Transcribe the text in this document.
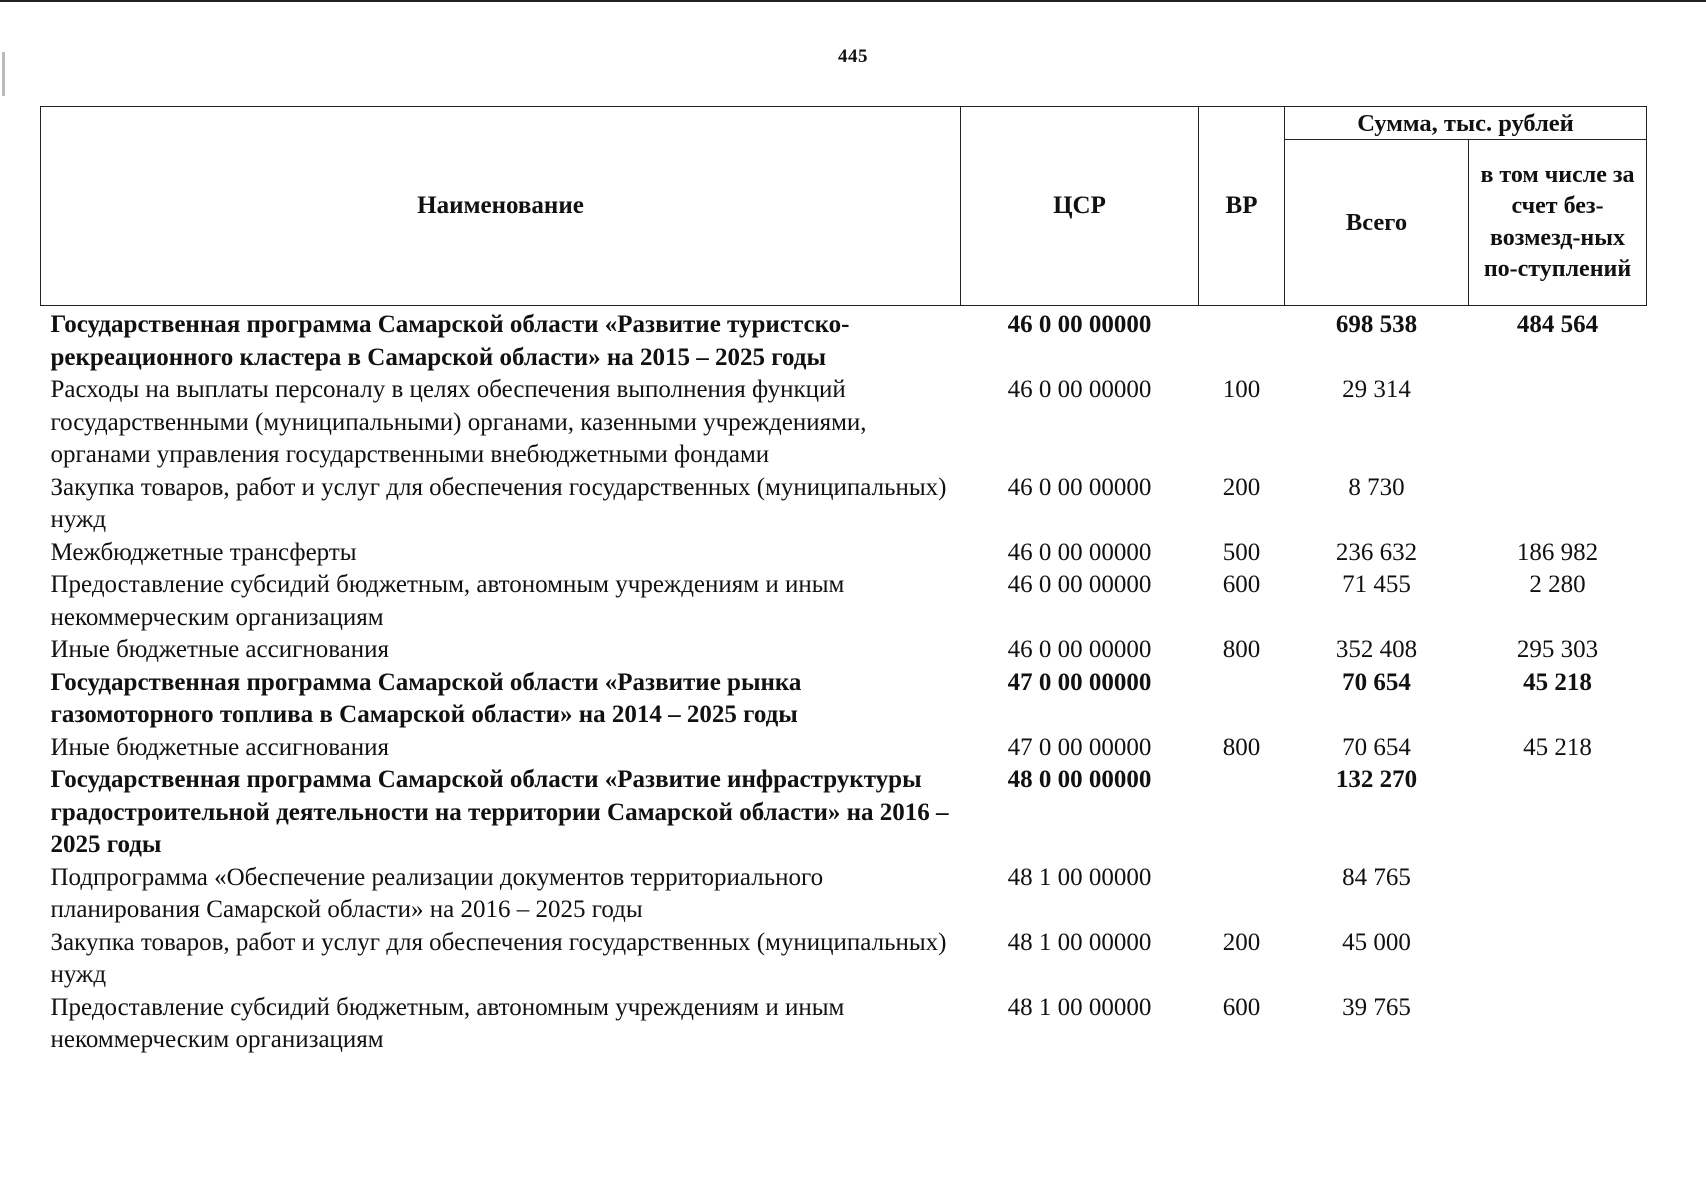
445
Наименование	ЦСР	ВР	Сумма, тыс. рублей	
			Всего	в том числе за счет без-возмезд-ных по-ступлений
Государственная программа Самарской области «Развитие туристско-рекреационного кластера в Самарской области» на 2015 – 2025 годы	46 0 00 00000		698 538	484 564
Расходы на выплаты персоналу в целях обеспечения выполнения функций государственными (муниципальными) органами, казенными учреждениями, органами управления государственными внебюджетными фондами	46 0 00 00000	100	29 314	
Закупка товаров, работ и услуг для обеспечения государственных (муниципальных) нужд	46 0 00 00000	200	8 730	
Межбюджетные трансферты	46 0 00 00000	500	236 632	186 982
Предоставление субсидий бюджетным, автономным учреждениям и иным некоммерческим организациям	46 0 00 00000	600	71 455	2 280
Иные бюджетные ассигнования	46 0 00 00000	800	352 408	295 303
Государственная программа Самарской области «Развитие рынка газомоторного топлива в Самарской области» на 2014 – 2025 годы	47 0 00 00000		70 654	45 218
Иные бюджетные ассигнования	47 0 00 00000	800	70 654	45 218
Государственная программа Самарской области «Развитие инфраструктуры градостроительной деятельности на территории Самарской области» на 2016 – 2025 годы	48 0 00 00000		132 270	
Подпрограмма «Обеспечение реализации документов территориального планирования Самарской области» на 2016 – 2025 годы	48 1 00 00000		84 765	
Закупка товаров, работ и услуг для обеспечения государственных (муниципальных) нужд	48 1 00 00000	200	45 000	
Предоставление субсидий бюджетным, автономным учреждениям и иным некоммерческим организациям	48 1 00 00000	600	39 765	
